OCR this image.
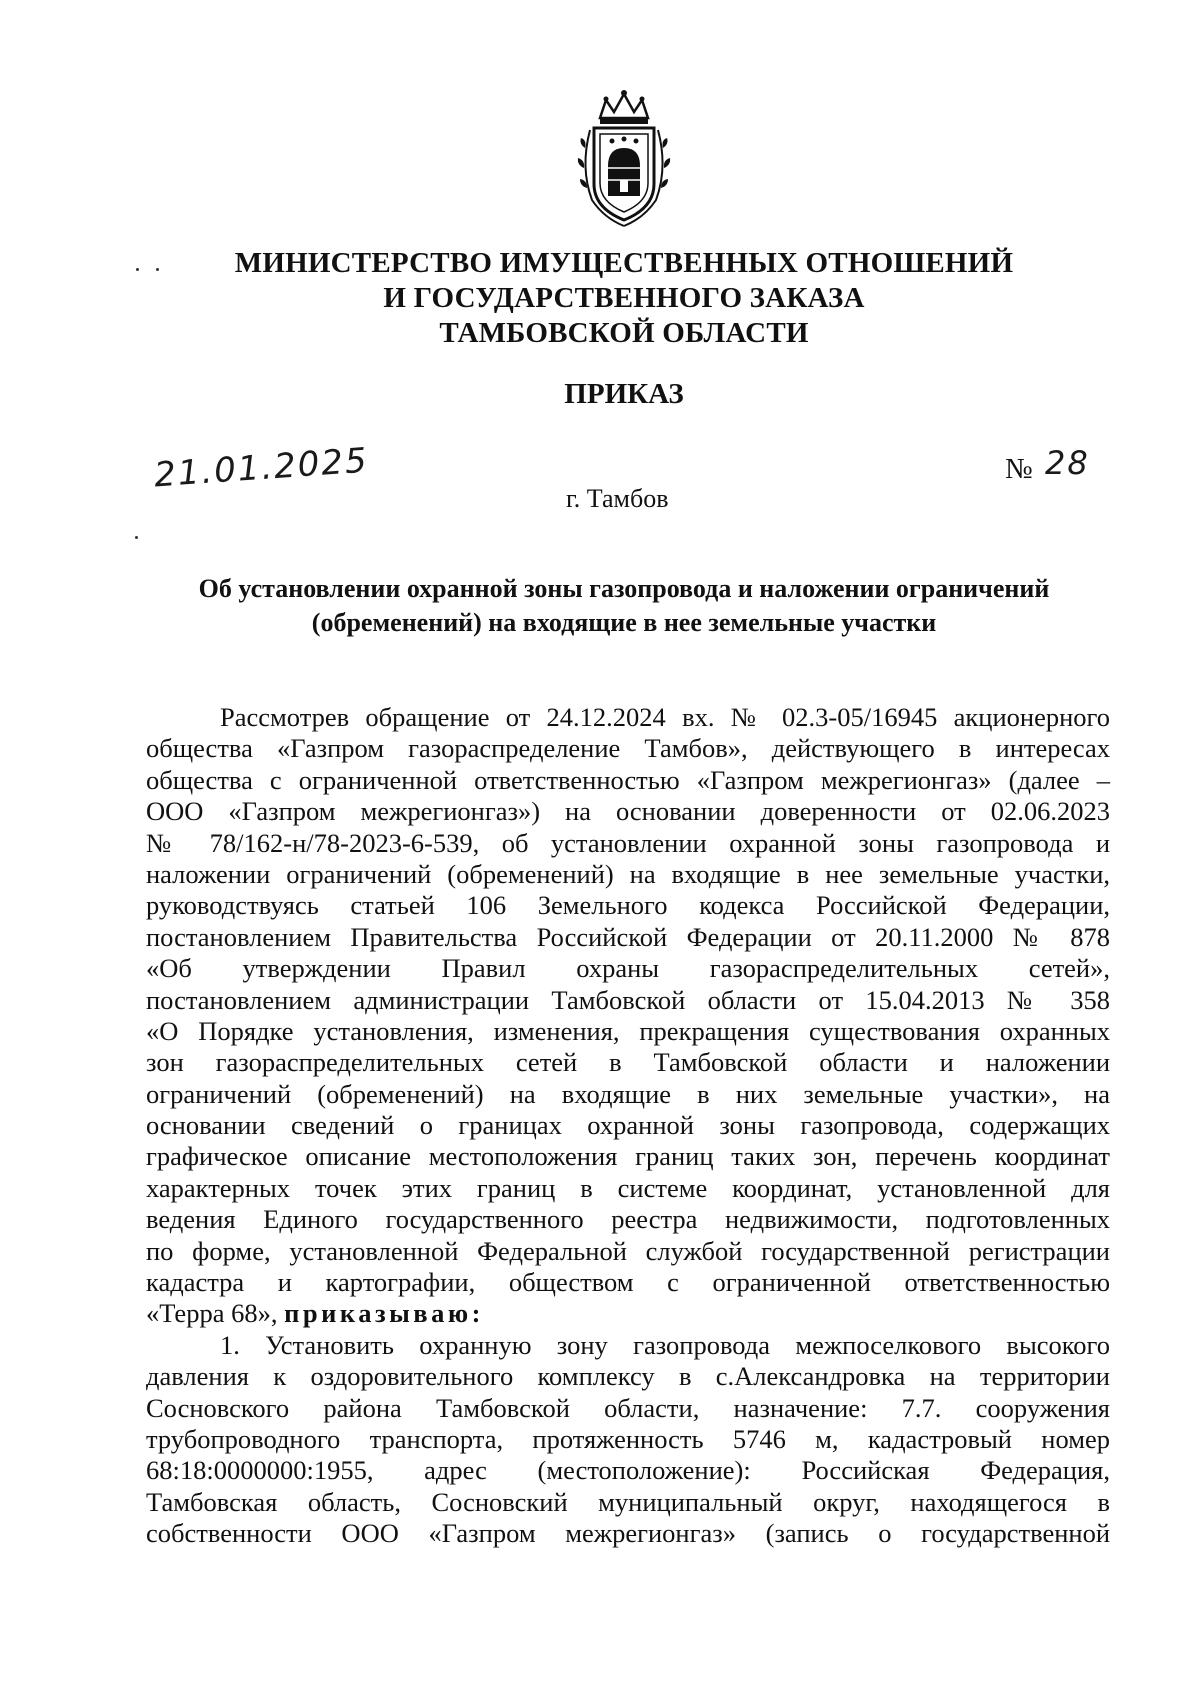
МИНИСТЕРСТВО ИМУЩЕСТВЕННЫХ ОТНОШЕНИЙ
И ГОСУДАРСТВЕННОГО ЗАКАЗА
ТАМБОВСКОЙ ОБЛАСТИ
ПРИКАЗ
21.01.2025	№ 28
г. Тамбов
Об установлении охранной зоны газопровода и наложении ограничений
(обременений) на входящие в нее земельные участки
Рассмотрев обращение от 24.12.2024 вх. № 02.3-05/16945 акционерного
общества «Газпром газораспределение Тамбов», действующего в интересах
общества с ограниченной ответственностью «Газпром межрегионгаз» (далее –
ООО «Газпром межрегионгаз») на основании доверенности от 02.06.2023
№ 78/162-н/78-2023-6-539, об установлении охранной зоны газопровода и
наложении ограничений (обременений) на входящие в нее земельные участки,
руководствуясь статьей 106 Земельного кодекса Российской Федерации,
постановлением Правительства Российской Федерации от 20.11.2000 № 878
«Об утверждении Правил охраны газораспределительных сетей»,
постановлением администрации Тамбовской области от 15.04.2013 № 358
«О Порядке установления, изменения, прекращения существования охранных
зон газораспределительных сетей в Тамбовской области и наложении
ограничений (обременений) на входящие в них земельные участки», на
основании сведений о границах охранной зоны газопровода, содержащих
графическое описание местоположения границ таких зон, перечень координат
характерных точек этих границ в системе координат, установленной для
ведения Единого государственного реестра недвижимости, подготовленных
по форме, установленной Федеральной службой государственной регистрации
кадастра и картографии, обществом с ограниченной ответственностью
«Терра 68», приказываю:
1. Установить охранную зону газопровода межпоселкового высокого
давления к оздоровительного комплексу в с.Александровка на территории
Сосновского района Тамбовской области, назначение: 7.7. сооружения
трубопроводного транспорта, протяженность 5746 м, кадастровый номер
68:18:0000000:1955, адрес (местоположение): Российская Федерация,
Тамбовская область, Сосновский муниципальный округ, находящегося в
собственности ООО «Газпром межрегионгаз» (запись о государственной
